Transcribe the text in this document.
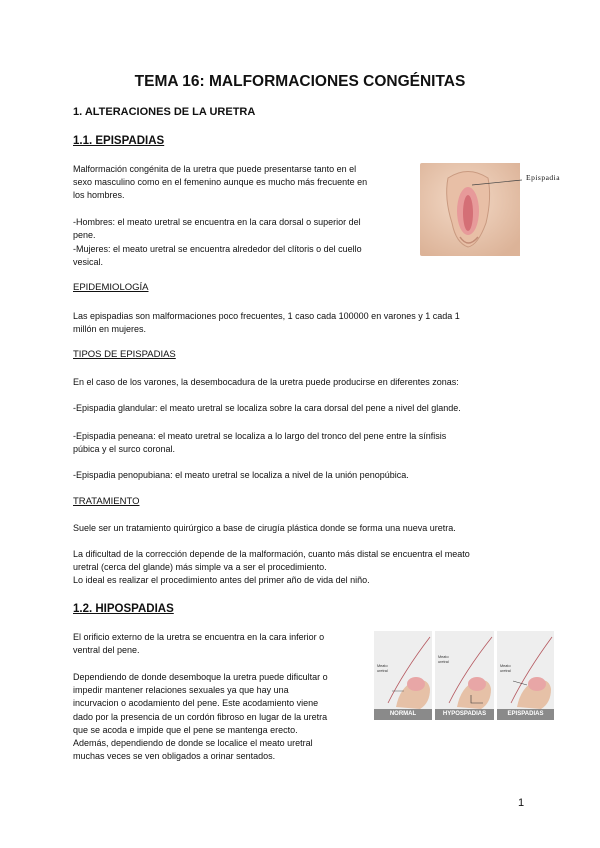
TEMA 16: MALFORMACIONES CONGÉNITAS
1. ALTERACIONES DE LA URETRA
1.1. EPISPADIAS
Malformación congénita de la uretra que puede presentarse tanto en el
sexo masculino como en el femenino aunque es mucho más frecuente en
los hombres.
-Hombres: el meato uretral se encuentra en la cara dorsal o superior del
pene.
-Mujeres: el meato uretral se encuentra alrededor del clítoris o del cuello
vesical.
Epispadia
EPIDEMIOLOGÍA
Las epispadias son malformaciones poco frecuentes, 1 caso cada 100000 en varones y 1 cada 1
millón en mujeres.
TIPOS DE EPISPADIAS
En el caso de los varones, la desembocadura de la uretra puede producirse en diferentes zonas:
-Epispadia glandular: el meato uretral se localiza sobre la cara dorsal del pene a nivel del glande.
-Epispadia peneana: el meato uretral se localiza a lo largo del tronco del pene entre la sínfisis
púbica y el surco coronal.
-Epispadia penopubiana: el meato uretral se localiza a nivel de la unión penopúbica.
TRATAMIENTO
Suele ser un tratamiento quirúrgico a base de cirugía plástica donde se forma una nueva uretra.
La dificultad de la corrección depende de la malformación, cuanto más distal se encuentra el meato
uretral (cerca del glande) más simple va a ser el procedimiento.
Lo ideal es realizar el procedimiento antes del primer año de vida del niño.
1.2. HIPOSPADIAS
El orificio externo de la uretra se encuentra en la cara inferior o
ventral del pene.
Dependiendo de donde desemboque la uretra puede dificultar o
impedir mantener relaciones sexuales ya que hay una
incurvacion o acodamiento del pene. Este acodamiento viene
dado por la presencia de un cordón fibroso en lugar de la uretra
que se acoda e impide que el pene se mantenga erecto.
Además, dependiendo de donde se localice el meato uretral
muchas veces se ven obligados a orinar sentados.
Meato
uretral
NORMAL
Meato
uretral
HYPOSPADIAS
Meato
uretral
EPISPADIAS
1
